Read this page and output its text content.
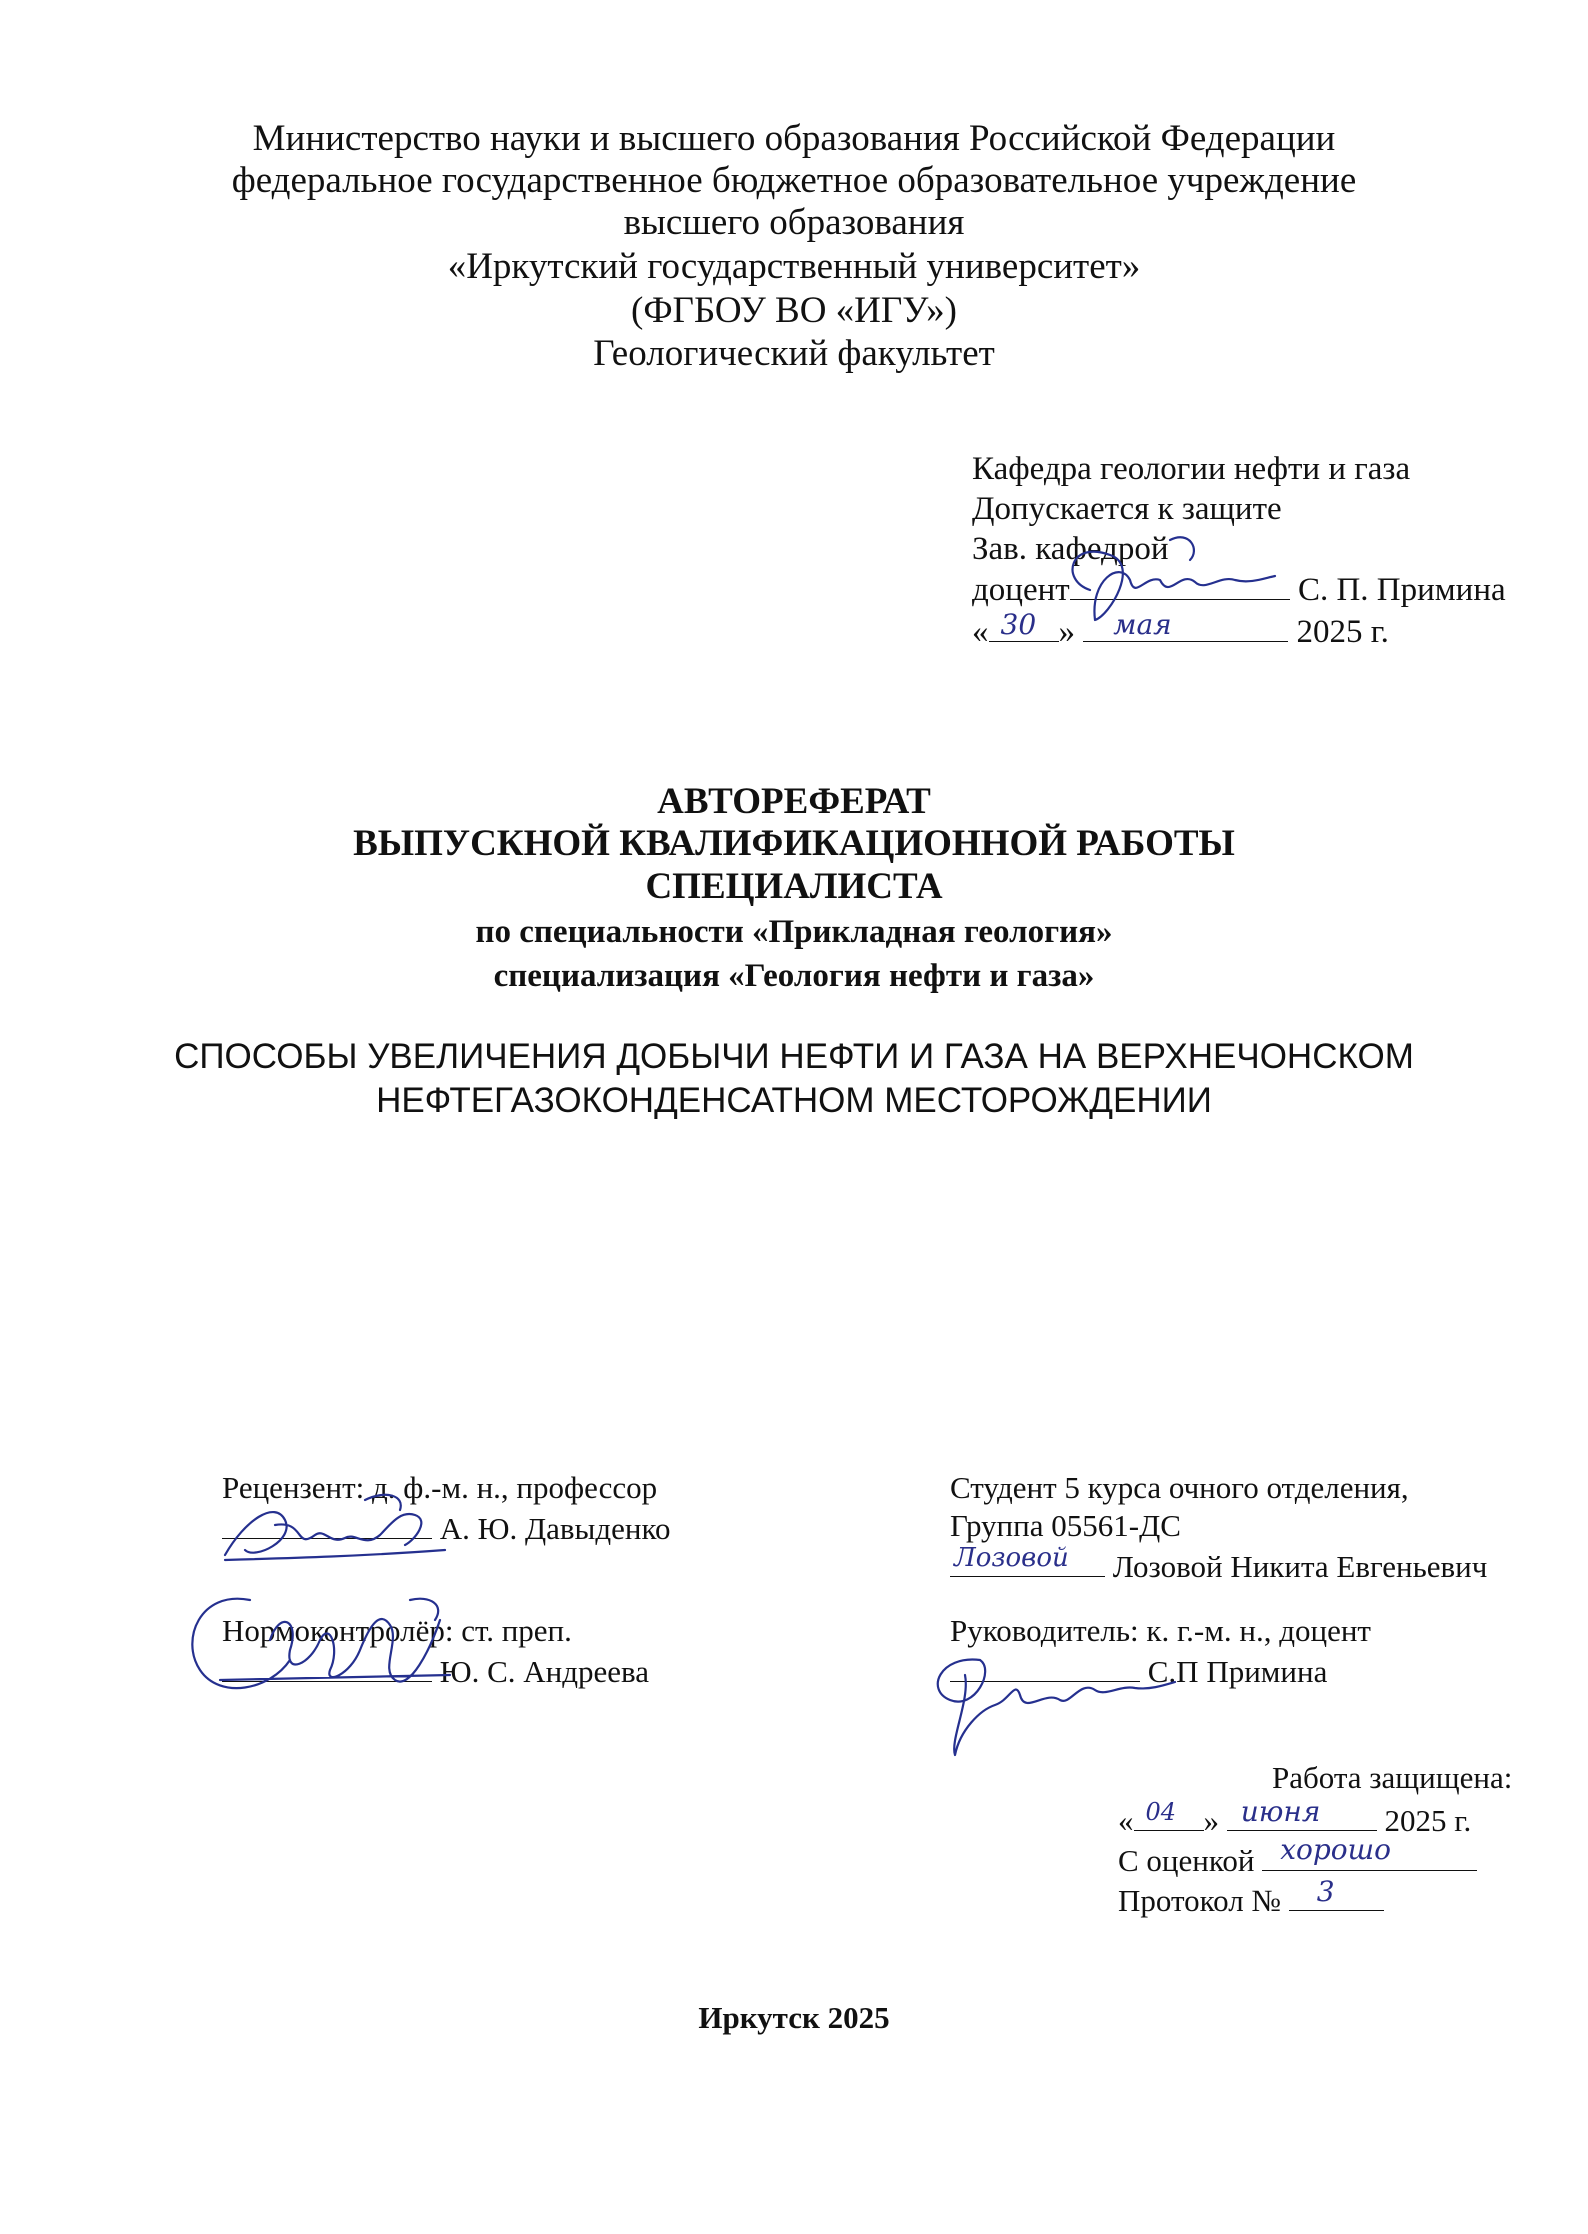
Министерство науки и высшего образования Российской Федерации
федеральное государственное бюджетное образовательное учреждение
высшего образования
«Иркутский государственный университет»
(ФГБОУ ВО «ИГУ»)
Геологический факультет
Кафедра геологии нефти и газа
Допускается к защите
Зав. кафедрой
доцент	С. П. Примина
« 30 » мая	2025 г.
АВТОРЕФЕРАТ
ВЫПУСКНОЙ КВАЛИФИКАЦИОННОЙ РАБОТЫ
СПЕЦИАЛИСТА
по специальности «Прикладная геология»
специализация «Геология нефти и газа»
СПОСОБЫ УВЕЛИЧЕНИЯ ДОБЫЧИ НЕФТИ И ГАЗА НА ВЕРХНЕЧОНСКОМ
НЕФТЕГАЗОКОНДЕНСАТНОМ МЕСТОРОЖДЕНИИ
Рецензент: д. ф.-м. н., профессор
А. Ю. Давыденко
Нормоконтролёр: ст. преп.
Ю. С. Андреева
Студент 5 курса очного отделения,
Группа 05561-ДС
Лозовой Лозовой Никита Евгеньевич
Руководитель: к. г.-м. н., доцент
С.П Примина
Работа защищена:
« 04 » июня 2025 г.
С оценкой хорошо
Протокол № 3
Иркутск 2025
